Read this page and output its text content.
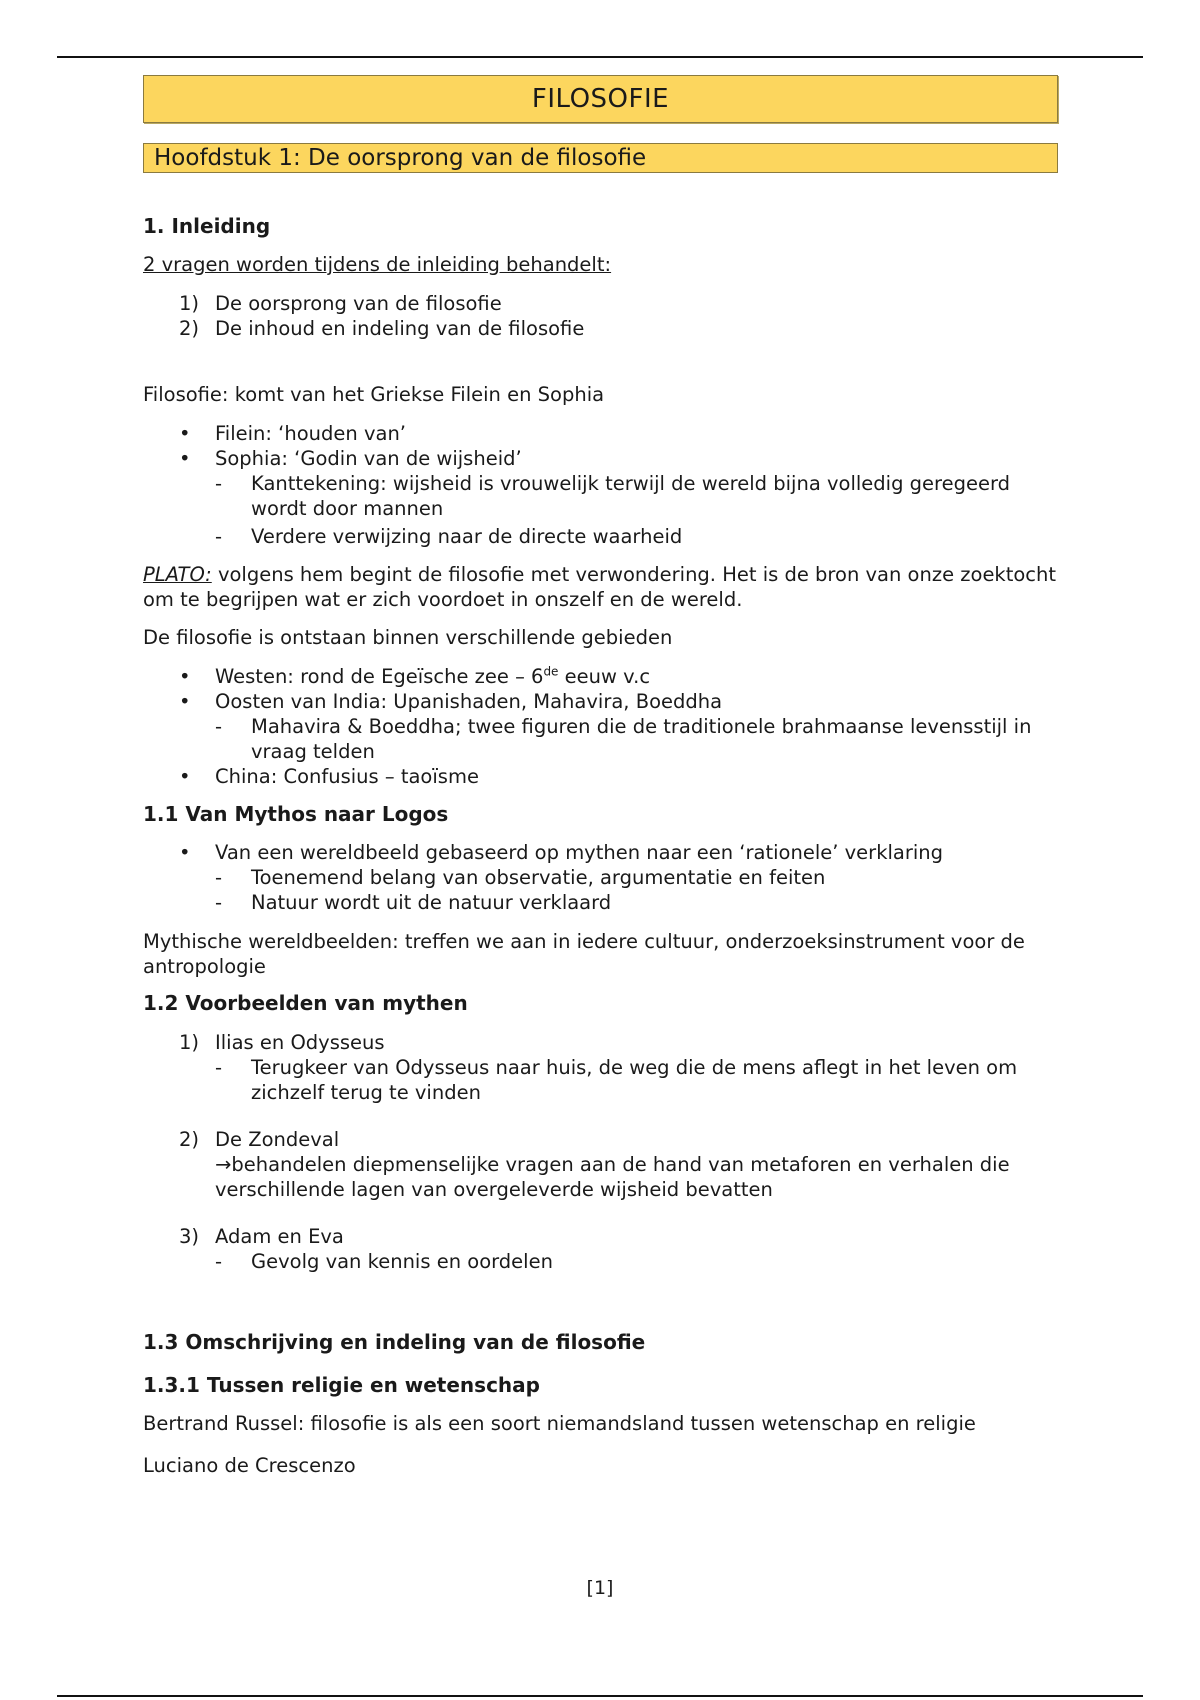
FILOSOFIE
Hoofdstuk 1: De oorsprong van de filosofie
1. Inleiding

2 vragen worden tijdens de inleiding behandelt:

1) De oorsprong van de filosofie
2) De inhoud en indeling van de filosofie

Filosofie: komt van het Griekse Filein en Sophia

• Filein: ‘houden van’
• Sophia: ‘Godin van de wijsheid’
- Kanttekening: wijsheid is vrouwelijk terwijl de wereld bijna volledig geregeerd wordt door mannen
- Verdere verwijzing naar de directe waarheid

PLATO: volgens hem begint de filosofie met verwondering. Het is de bron van onze zoektocht om te begrijpen wat er zich voordoet in onszelf en de wereld.

De filosofie is ontstaan binnen verschillende gebieden

• Westen: rond de Egeïsche zee – 6de eeuw v.c
• Oosten van India: Upanishaden, Mahavira, Boeddha
- Mahavira & Boeddha; twee figuren die de traditionele brahmaanse levensstijl in vraag telden
• China: Confusius – taoïsme
1.1 Van Mythos naar Logos
• Van een wereldbeeld gebaseerd op mythen naar een ‘rationele’ verklaring
- Toenemend belang van observatie, argumentatie en feiten
- Natuur wordt uit de natuur verklaard

Mythische wereldbeelden: treffen we aan in iedere cultuur, onderzoeksinstrument voor de antropologie

1.2 Voorbeelden van mythen
1) Ilias en Odysseus
- Terugkeer van Odysseus naar huis, de weg die de mens aflegt in het leven om zichzelf terug te vinden
2) De Zondeval
→behandelen diepmenselijke vragen aan de hand van metaforen en verhalen die verschillende lagen van overgeleverde wijsheid bevatten
3) Adam en Eva
- Gevolg van kennis en oordelen
1.3 Omschrijving en indeling van de filosofie
1.3.1 Tussen religie en wetenschap

Bertrand Russel: filosofie is als een soort niemandsland tussen wetenschap en religie

Luciano de Crescenzo

[1]
